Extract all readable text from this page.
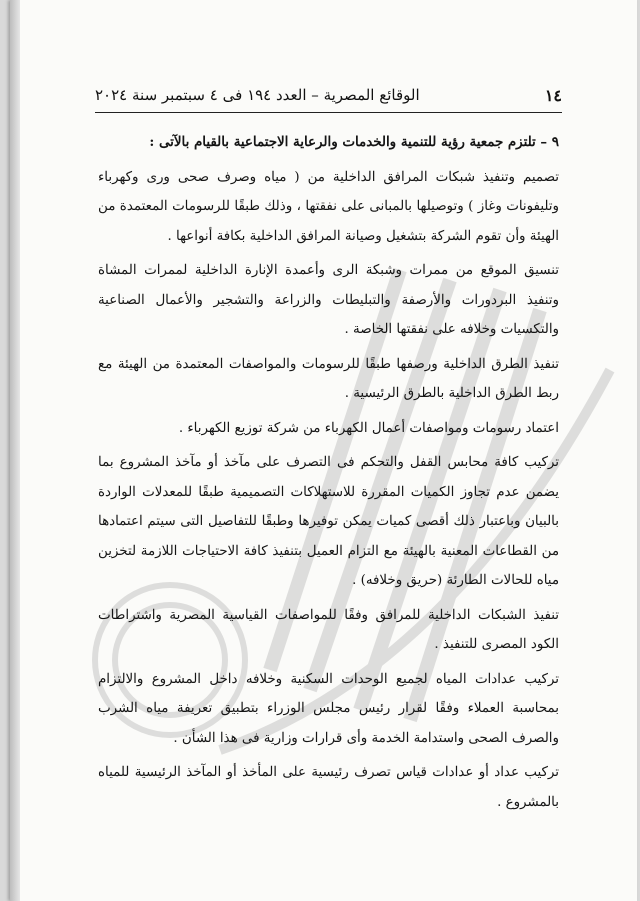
١٤
الوقائع المصرية – العدد ١٩٤ فى ٤ سبتمبر سنة ٢٠٢٤

٩ – تلتزم جمعية رؤية للتنمية والخدمات والرعاية الاجتماعية بالقيام بالآتى :

تصميم وتنفيذ شبكات المرافق الداخلية من ( مياه وصرف صحى ورى وكهرباء وتليفونات وغاز ) وتوصيلها بالمبانى على نفقتها ، وذلك طبقًا للرسومات المعتمدة من الهيئة وأن تقوم الشركة بتشغيل وصيانة المرافق الداخلية بكافة أنواعها .

تنسيق الموقع من ممرات وشبكة الرى وأعمدة الإنارة الداخلية لممرات المشاة وتنفيذ البردورات والأرصفة والتبليطات والزراعة والتشجير والأعمال الصناعية والتكسيات وخلافه على نفقتها الخاصة .

تنفيذ الطرق الداخلية ورصفها طبقًا للرسومات والمواصفات المعتمدة من الهيئة مع ربط الطرق الداخلية بالطرق الرئيسية .

اعتماد رسومات ومواصفات أعمال الكهرباء من شركة توزيع الكهرباء .

تركيب كافة محابس القفل والتحكم فى التصرف على مآخذ أو مآخذ المشروع بما يضمن عدم تجاوز الكميات المقررة للاستهلاكات التصميمية طبقًا للمعدلات الواردة بالبيان وباعتبار ذلك أقصى كميات يمكن توفيرها وطبقًا للتفاصيل التى سيتم اعتمادها من القطاعات المعنية بالهيئة مع التزام العميل بتنفيذ كافة الاحتياجات اللازمة لتخزين مياه للحالات الطارئة (حريق وخلافه) .

تنفيذ الشبكات الداخلية للمرافق وفقًا للمواصفات القياسية المصرية واشتراطات الكود المصرى للتنفيذ .

تركيب عدادات المياه لجميع الوحدات السكنية وخلافه داخل المشروع والالتزام بمحاسبة العملاء وفقًا لقرار رئيس مجلس الوزراء بتطبيق تعريفة مياه الشرب والصرف الصحى واستدامة الخدمة وأى قرارات وزارية فى هذا الشأن .

تركيب عداد أو عدادات قياس تصرف رئيسية على المأخذ أو المآخذ الرئيسية للمياه بالمشروع .
